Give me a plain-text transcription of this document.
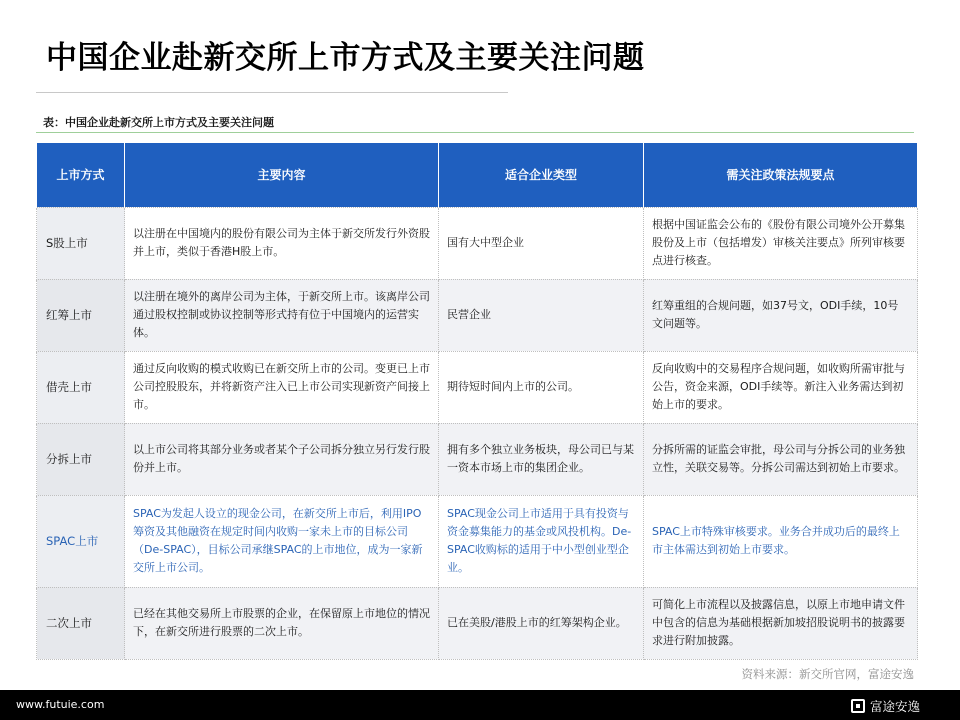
中国企业赴新交所上市方式及主要关注问题
表：中国企业赴新交所上市方式及主要关注问题
上市方式	主要内容	适合企业类型	需关注政策法规要点
S股上市	以注册在中国境内的股份有限公司为主体于新交所发行外资股并上市，类似于香港H股上市。	国有大中型企业	根据中国证监会公布的《股份有限公司境外公开募集股份及上市（包括增发）审核关注要点》所列审核要点进行核查。
红筹上市	以注册在境外的离岸公司为主体，于新交所上市。该离岸公司通过股权控制或协议控制等形式持有位于中国境内的运营实体。	民营企业	红筹重组的合规问题，如37号文，ODI手续，10号文问题等。
借壳上市	通过反向收购的模式收购已在新交所上市的公司。变更已上市公司控股股东，并将新资产注入已上市公司实现新资产间接上市。	期待短时间内上市的公司。	反向收购中的交易程序合规问题，如收购所需审批与公告，资金来源，ODI手续等。新注入业务需达到初始上市的要求。
分拆上市	以上市公司将其部分业务或者某个子公司拆分独立另行发行股份并上市。	拥有多个独立业务板块，母公司已与某一资本市场上市的集团企业。	分拆所需的证监会审批，母公司与分拆公司的业务独立性，关联交易等。分拆公司需达到初始上市要求。
SPAC上市	SPAC为发起人设立的现金公司，在新交所上市后，利用IPO筹资及其他融资在规定时间内收购一家未上市的目标公司（De-SPAC），目标公司承继SPAC的上市地位，成为一家新交所上市公司。	SPAC现金公司上市适用于具有投资与资金募集能力的基金或风投机构。De-SPAC收购标的适用于中小型创业型企业。	SPAC上市特殊审核要求。业务合并成功后的最终上市主体需达到初始上市要求。
二次上市	已经在其他交易所上市股票的企业，在保留原上市地位的情况下，在新交所进行股票的二次上市。	已在美股/港股上市的红筹架构企业。	可简化上市流程以及披露信息，以原上市地申请文件中包含的信息为基础根据新加坡招股说明书的披露要求进行附加披露。
资料来源：新交所官网，富途安逸
www.futuie.com	富途安逸
